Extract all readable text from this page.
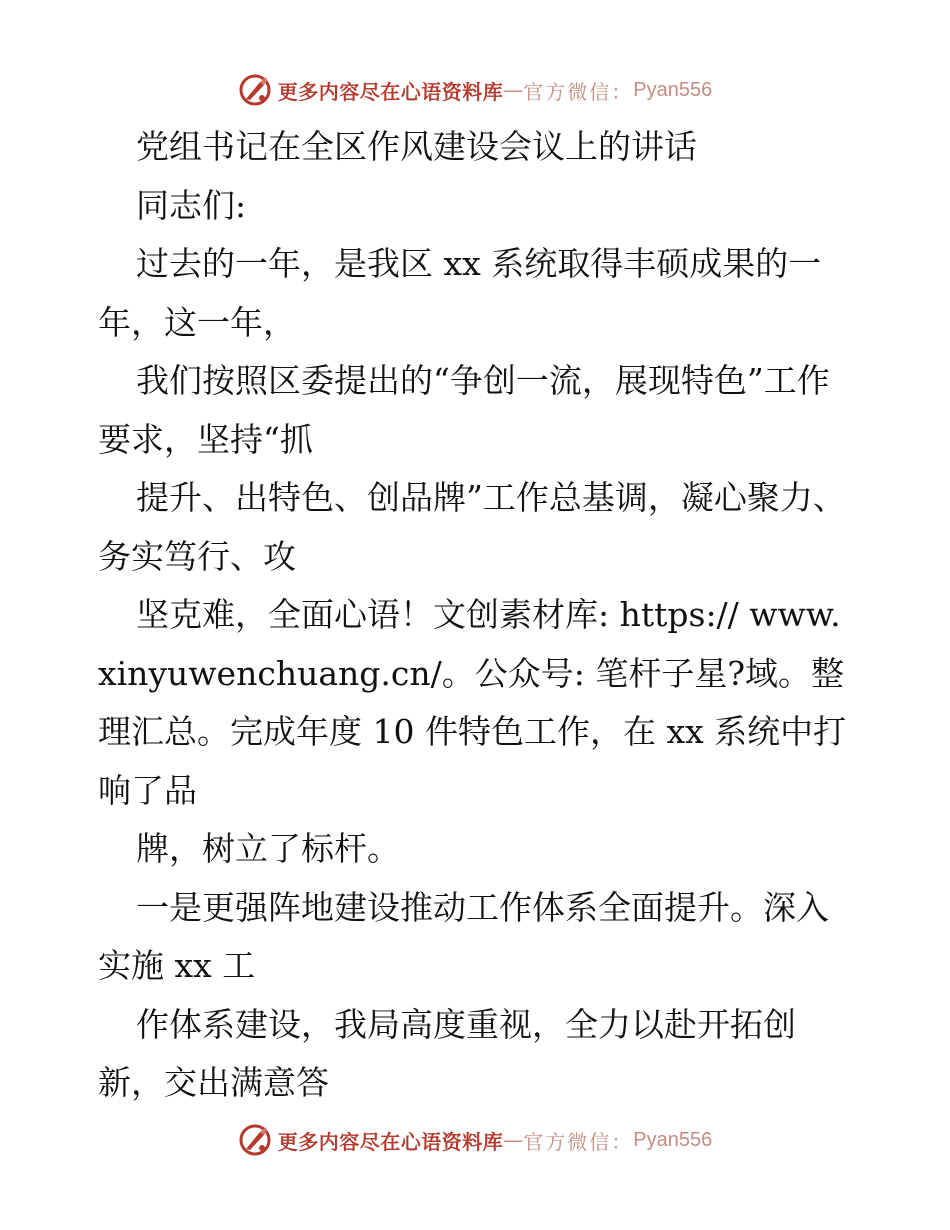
更多内容尽在心语资料库 — 官方微信： Pyan556

党组书记在全区作风建设会议上的讲话

同志们:

过去的一年，是我区 xx 系统取得丰硕成果的一年，这一年，

我们按照区委提出的“争创一流，展现特色”工作要求，坚持“抓

提升、出特色、创品牌”工作总基调，凝心聚力、务实笃行、攻

坚克难，全面心语！文创素材库: https:// www.xinyuwenchuang.cn/。公众号: 笔杆子星?域。整理汇总。完成年度 10 件特色工作，在 xx 系统中打响了品

牌，树立了标杆。

一是更强阵地建设推动工作体系全面提升。深入实施 xx 工

作体系建设，我局高度重视，全力以赴开拓创新，交出满意答

更多内容尽在心语资料库 — 官方微信： Pyan556
